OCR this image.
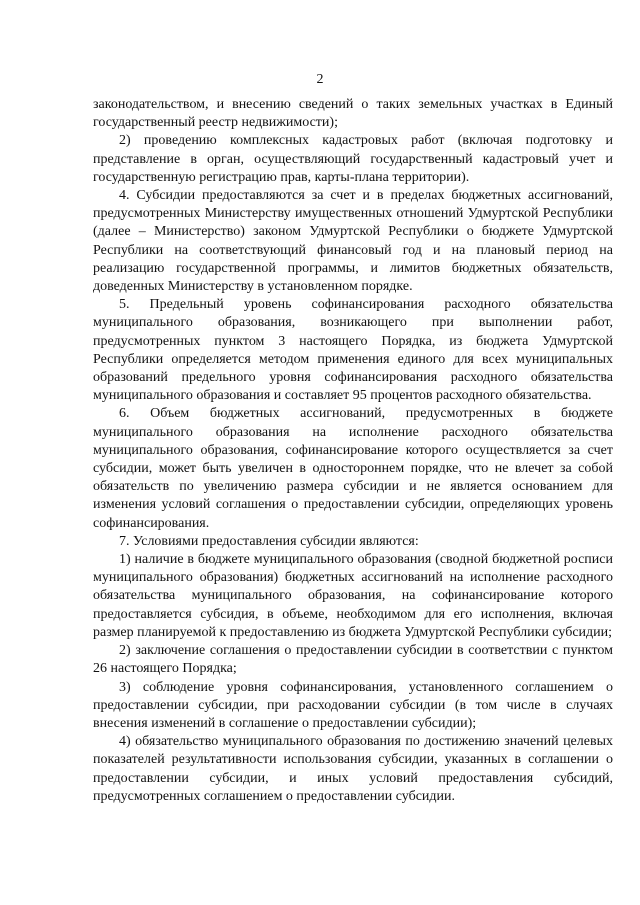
2

законодательством, и внесению сведений о таких земельных участках в Единый государственный реестр недвижимости);

2) проведению комплексных кадастровых работ (включая подготовку и представление в орган, осуществляющий государственный кадастровый учет и государственную регистрацию прав, карты-плана территории).

4. Субсидии предоставляются за счет и в пределах бюджетных ассигнований, предусмотренных Министерству имущественных отношений Удмуртской Республики (далее – Министерство) законом Удмуртской Республики о бюджете Удмуртской Республики на соответствующий финансовый год и на плановый период на реализацию государственной программы, и лимитов бюджетных обязательств, доведенных Министерству в установленном порядке.

5. Предельный уровень софинансирования расходного обязательства муниципального образования, возникающего при выполнении работ, предусмотренных пунктом 3 настоящего Порядка, из бюджета Удмуртской Республики определяется методом применения единого для всех муниципальных образований предельного уровня софинансирования расходного обязательства муниципального образования и составляет 95 процентов расходного обязательства.

6. Объем бюджетных ассигнований, предусмотренных в бюджете муниципального образования на исполнение расходного обязательства муниципального образования, софинансирование которого осуществляется за счет субсидии, может быть увеличен в одностороннем порядке, что не влечет за собой обязательств по увеличению размера субсидии и не является основанием для изменения условий соглашения о предоставлении субсидии, определяющих уровень софинансирования.

7. Условиями предоставления субсидии являются:

1) наличие в бюджете муниципального образования (сводной бюджетной росписи муниципального образования) бюджетных ассигнований на исполнение расходного обязательства муниципального образования, на софинансирование которого предоставляется субсидия, в объеме, необходимом для его исполнения, включая размер планируемой к предоставлению из бюджета Удмуртской Республики субсидии;

2) заключение соглашения о предоставлении субсидии в соответствии с пунктом 26 настоящего Порядка;

3) соблюдение уровня софинансирования, установленного соглашением о предоставлении субсидии, при расходовании субсидии (в том числе в случаях внесения изменений в соглашение о предоставлении субсидии);

4) обязательство муниципального образования по достижению значений целевых показателей результативности использования субсидии, указанных в соглашении о предоставлении субсидии, и иных условий предоставления субсидий, предусмотренных соглашением о предоставлении субсидии.
